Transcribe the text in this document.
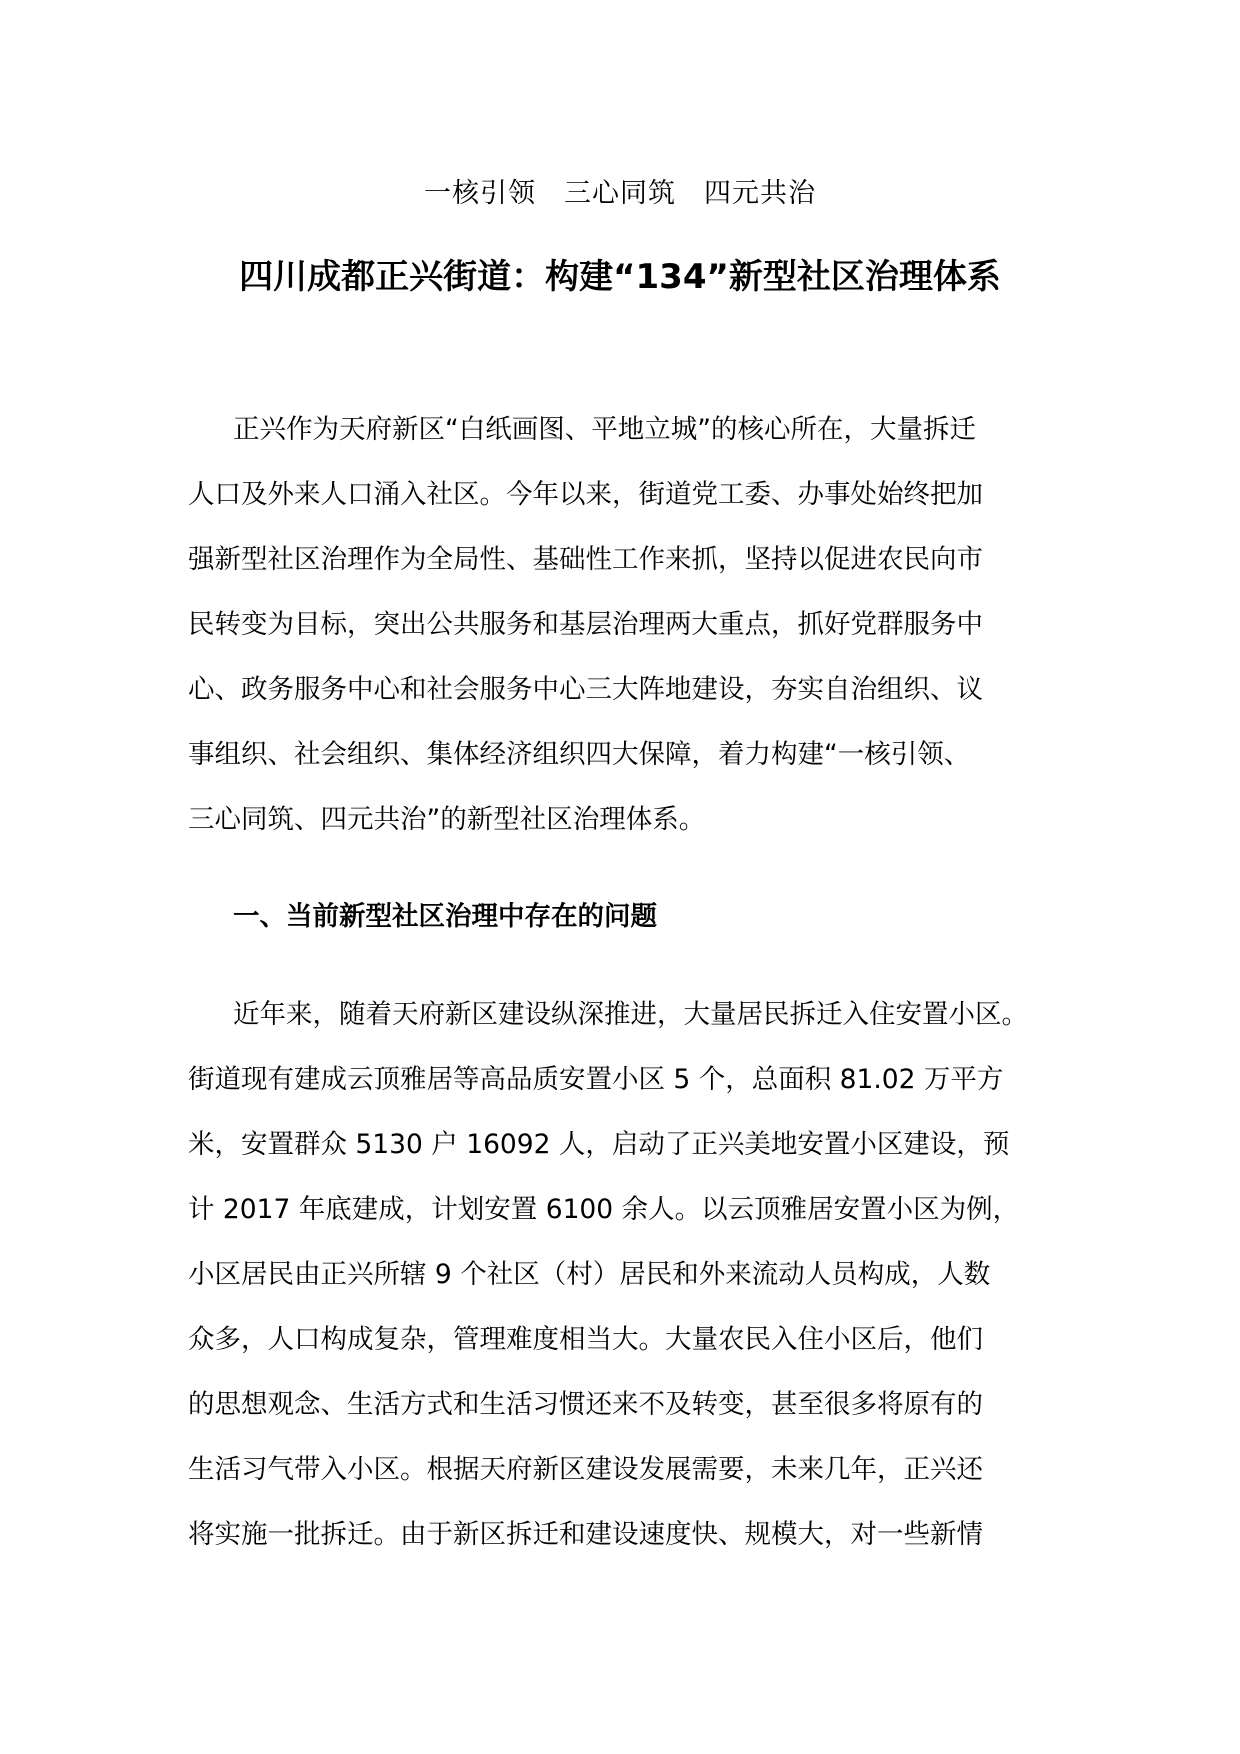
一核引领　三心同筑　四元共治
四川成都正兴街道：构建“134”新型社区治理体系
正兴作为天府新区“白纸画图、平地立城”的核心所在，大量拆迁
人口及外来人口涌入社区。今年以来，街道党工委、办事处始终把加
强新型社区治理作为全局性、基础性工作来抓，坚持以促进农民向市
民转变为目标，突出公共服务和基层治理两大重点，抓好党群服务中
心、政务服务中心和社会服务中心三大阵地建设，夯实自治组织、议
事组织、社会组织、集体经济组织四大保障，着力构建“一核引领、
三心同筑、四元共治”的新型社区治理体系。
一、当前新型社区治理中存在的问题
近年来，随着天府新区建设纵深推进，大量居民拆迁入住安置小区。
街道现有建成云顶雅居等高品质安置小区 5 个，总面积 81.02 万平方
米，安置群众 5130 户 16092 人，启动了正兴美地安置小区建设，预
计 2017 年底建成，计划安置 6100 余人。以云顶雅居安置小区为例，
小区居民由正兴所辖 9 个社区（村）居民和外来流动人员构成，人数
众多，人口构成复杂，管理难度相当大。大量农民入住小区后，他们
的思想观念、生活方式和生活习惯还来不及转变，甚至很多将原有的
生活习气带入小区。根据天府新区建设发展需要，未来几年，正兴还
将实施一批拆迁。由于新区拆迁和建设速度快、规模大，对一些新情
